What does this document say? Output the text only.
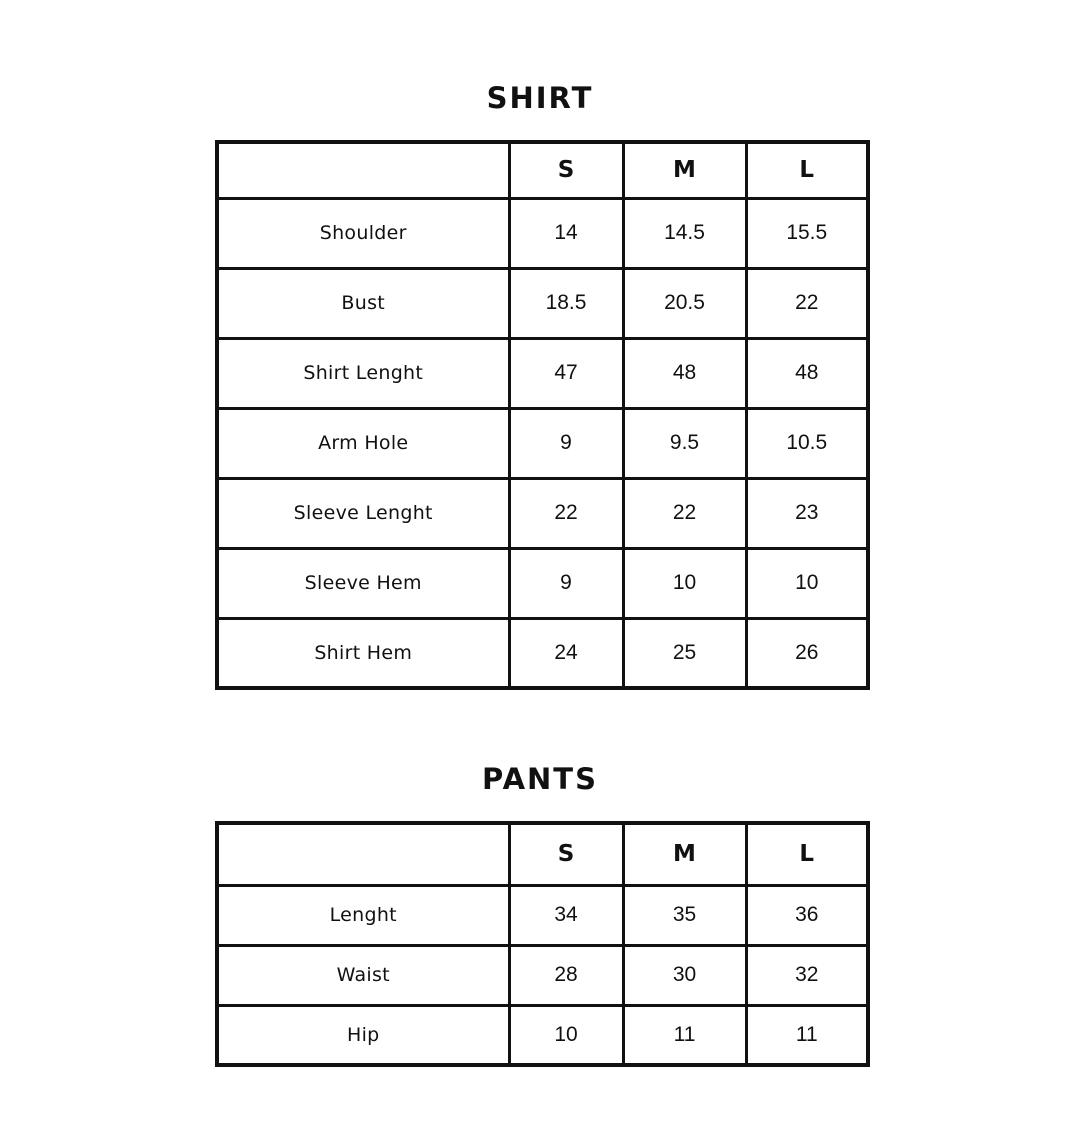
SHIRT
	S	M	L
Shoulder	14	14.5	15.5
Bust	18.5	20.5	22
Shirt Lenght	47	48	48
Arm Hole	9	9.5	10.5
Sleeve Lenght	22	22	23
Sleeve Hem	9	10	10
Shirt Hem	24	25	26
PANTS
	S	M	L
Lenght	34	35	36
Waist	28	30	32
Hip	10	11	11
